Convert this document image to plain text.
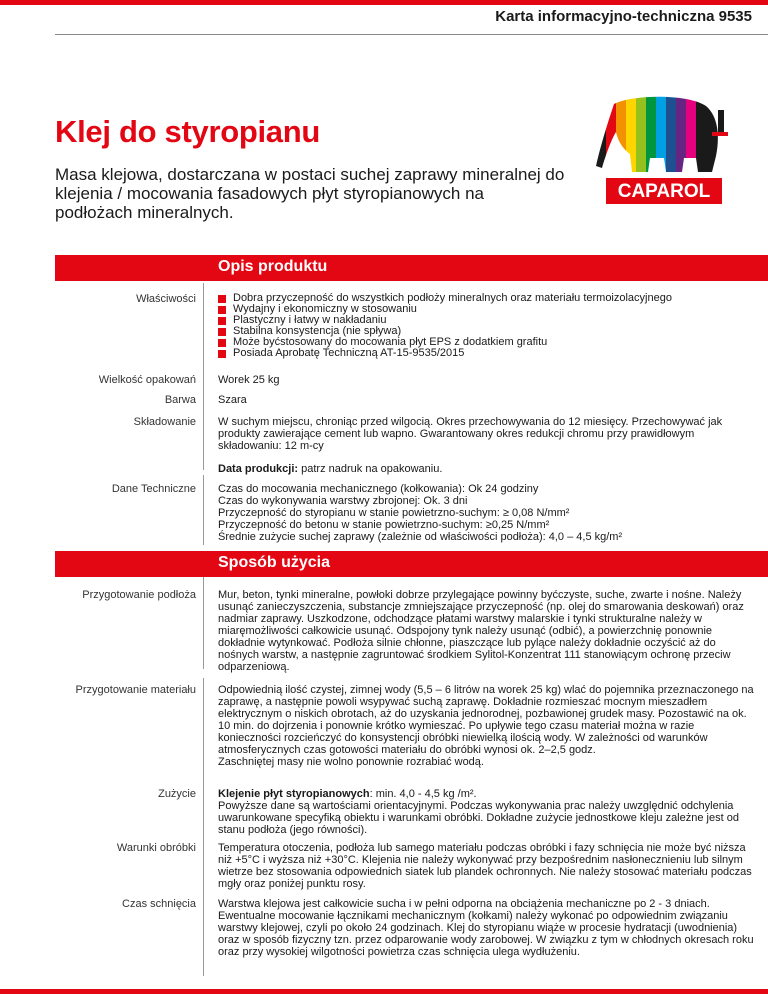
Karta informacyjno-techniczna 9535
Klej do styropianu

Masa klejowa, dostarczana w postaci suchej zaprawy mineralnej do klejenia / mocowania fasadowych płyt styropianowych na podłożach mineralnych.

CAPAROL
Opis produktu
Właściwości	Dobra przyczepność do wszystkich podłoży mineralnych oraz materiału termoizolacyjnego
Wydajny i ekonomiczny w stosowaniu
Plastyczny i łatwy w nakładaniu
Stabilna konsystencja (nie spływa)
Może byćstosowany do mocowania płyt EPS z dodatkiem grafitu
Posiada Aprobatę Techniczną AT-15-9535/2015
Wielkość opakowań Worek 25 kg
Barwa Szara
Składowanie W suchym miejscu, chroniąc przed wilgocią. Okres przechowywania do 12 miesięcy. Przechowywać jak produkty zawierające cement lub wapno. Gwarantowany okres redukcji chromu przy prawidłowym składowaniu: 12 m-cy
Data produkcji: patrz nadruk na opakowaniu.
Dane Techniczne Czas do mocowania mechanicznego (kołkowania): Ok 24 godziny
Czas do wykonywania warstwy zbrojonej: Ok. 3 dni
Przyczepność do styropianu w stanie powietrzno-suchym: ≥ 0,08 N/mm²
Przyczepność do betonu w stanie powietrzno-suchym: ≥0,25 N/mm²
Średnie zużycie suchej zaprawy (zależnie od właściwości podłoża): 4,0 – 4,5 kg/m²
Sposób użycia
Przygotowanie podłoża Mur, beton, tynki mineralne, powłoki dobrze przylegające powinny byćczyste, suche, zwarte i nośne. Należy usunąć zanieczyszczenia, substancje zmniejszające przyczepność (np. olej do smarowania deskowań) oraz nadmiar zaprawy. Uszkodzone, odchodzące płatami warstwy malarskie i tynki strukturalne należy w miaręmożliwości całkowicie usunąć. Odspojony tynk należy usunąć (odbić), a powierzchnię ponownie dokładnie wytynkować. Podłoża silnie chłonne, piaszczące lub pylące należy dokładnie oczyścić aż do nośnych warstw, a następnie zagruntować środkiem Sylitol-Konzentrat 111 stanowiącym ochronę przeciw odparzeniową.
Przygotowanie materiału Odpowiednią ilość czystej, zimnej wody (5,5 – 6 litrów na worek 25 kg) wlać do pojemnika przeznaczonego na zaprawę, a następnie powoli wsypywać suchą zaprawę. Dokładnie rozmieszać mocnym mieszadłem elektrycznym o niskich obrotach, aż do uzyskania jednorodnej, pozbawionej grudek masy. Pozostawić na ok. 10 min. do dojrzenia i ponownie krótko wymieszać. Po upływie tego czasu materiał można w razie konieczności rozcieńczyć do konsystencji obróbki niewielką ilością wody. W zależności od warunków atmosferycznych czas gotowości materiału do obróbki wynosi ok. 2–2,5 godz.
Zaschniętej masy nie wolno ponownie rozrabiać wodą.
Zużycie Klejenie płyt styropianowych: min. 4,0 - 4,5 kg /m².
Powyższe dane są wartościami orientacyjnymi. Podczas wykonywania prac należy uwzględnić odchylenia uwarunkowane specyfiką obiektu i warunkami obróbki. Dokładne zużycie jednostkowe kleju zależne jest od stanu podłoża (jego równości).
Warunki obróbki Temperatura otoczenia, podłoża lub samego materiału podczas obróbki i fazy schnięcia nie może być niższa niż +5°C i wyższa niż +30°C. Klejenia nie należy wykonywać przy bezpośrednim nasłonecznieniu lub silnym wietrze bez stosowania odpowiednich siatek lub plandek ochronnych. Nie należy stosować materiału podczas mgły oraz poniżej punktu rosy.
Czas schnięcia Warstwa klejowa jest całkowicie sucha i w pełni odporna na obciążenia mechaniczne po 2 - 3 dniach. Ewentualne mocowanie łącznikami mechanicznym (kołkami) należy wykonać po odpowiednim związaniu warstwy klejowej, czyli po około 24 godzinach. Klej do styropianu wiąże w procesie hydratacji (uwodnienia) oraz w sposób fizyczny tzn. przez odparowanie wody zarobowej. W związku z tym w chłodnych okresach roku oraz przy wysokiej wilgotności powietrza czas schnięcia ulega wydłużeniu.
